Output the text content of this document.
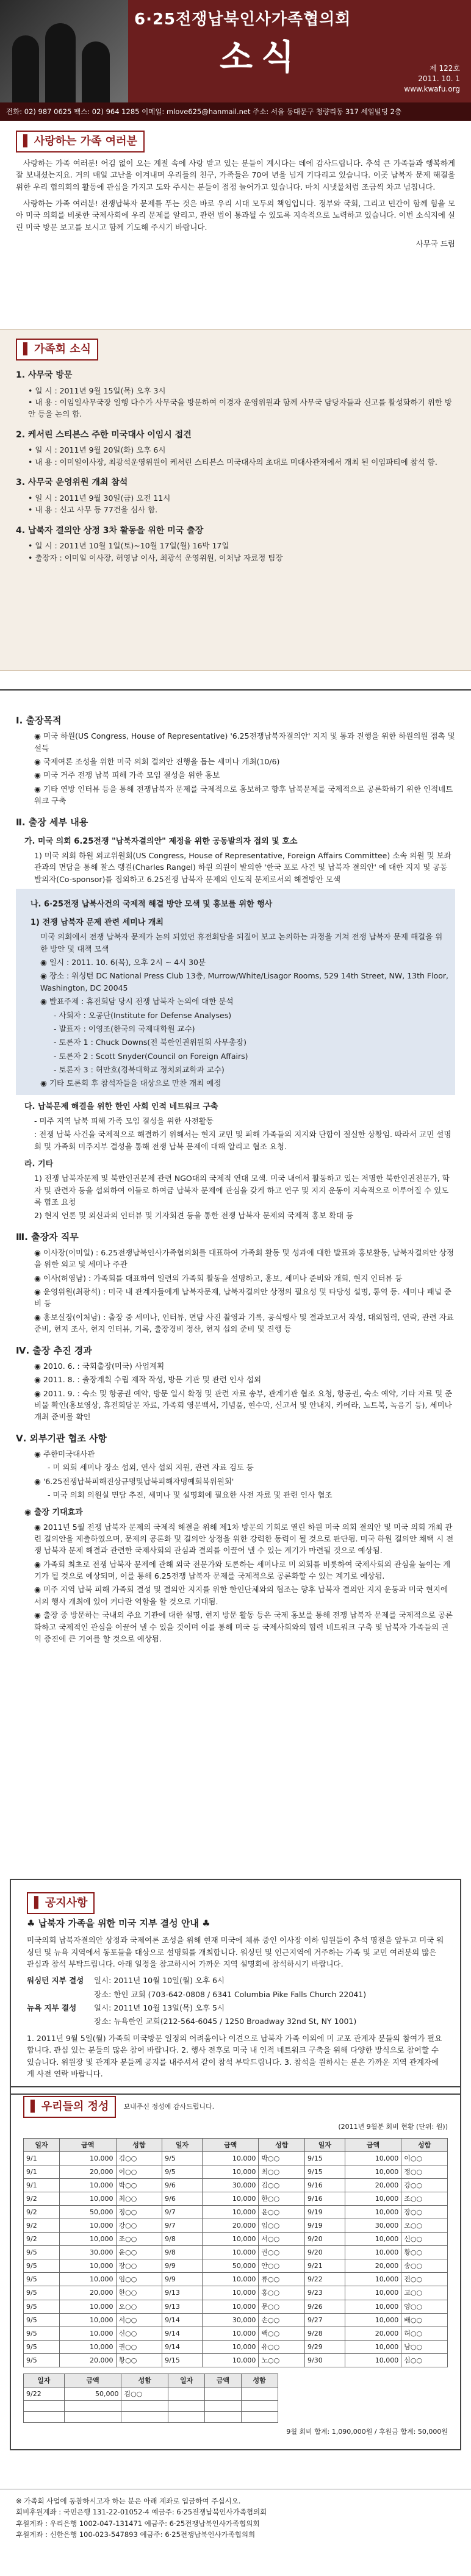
6·25전쟁납북인사가족협의회
소식	제 122호
2011. 10. 1
www.kwafu.org
전화: 02) 987 0625 팩스: 02) 964 1285 이메일: mlove625@hanmail.net 주소: 서울 동대문구 청량리동 317 세일빌딩 2층
▌ 사랑하는 가족 여러분

사랑하는 가족 여러분! 어김 없이 오는 계절 속에 사랑 받고 있는 분들이 계시다는 데에 감사드립니다. 추석 큰 가족들과 행복하게 잘 보내셨는지요. 거의 매일 고난을 이겨내며 우리들의 친구, 가족들은 70여 년을 넘게 기다리고 있습니다. 이곳 납북자 문제 해결을 위한 우리 협의회의 활동에 관심을 가지고 도와 주시는 분들이 점점 늘어가고 있습니다. 마치 시냇물처럼 조금씩 차고 넘칩니다.

사랑하는 가족 여러분! 전쟁납북자 문제를 푸는 것은 바로 우리 시대 모두의 책임입니다. 정부와 국회, 그리고 민간이 함께 힘을 모아 미국 의회를 비롯한 국제사회에 우리 문제를 알리고, 관련 법이 통과될 수 있도록 지속적으로 노력하고 있습니다. 이번 소식지에 실린 미국 방문 보고를 보시고 함께 기도해 주시기 바랍니다.

사무국 드림

▌ 가족회 소식
1. 사무국 방문

• 일 시 : 2011년 9월 15일(목) 오후 3시

• 내 용 : 이임일사무국장 일행 다수가 사무국을 방문하여 이경자 운영위원과 함께 사무국 담당자들과 신고를 활성화하기 위한 방안 등을 논의 함.

2. 케서린 스티븐스 주한 미국대사 이임시 접견

• 일 시 : 2011년 9월 20일(화) 오후 6시

• 내 용 : 이미일이사장, 최광석운영위원이 케서린 스티븐스 미국대사의 초대로 미대사관저에서 개최 된 이임파티에 참석 함.

3. 사무국 운영위원 개최 참석

• 일 시 : 2011년 9월 30일(금) 오전 11시

• 내 용 : 신고 사무 등 77건을 심사 함.

4. 납북자 결의안 상정 3차 활동을 위한 미국 출장

• 일 시 : 2011년 10월 1일(토)~10월 17일(월) 16박 17일

• 출장자 : 이미일 이사장, 허영남 이사, 최광석 운영위원, 이처남 자료정 팀장

Ⅰ. 출장목적

◉ 미국 하원(US Congress, House of Representative) '6.25전쟁납북자결의안' 지지 및 통과 진행을 위한 하원의원 접촉 및 설득

◉ 국제여론 조성을 위한 미국 의회 결의안 진행을 돕는 세미나 개최(10/6)

◉ 미국 거주 전쟁 납북 피해 가족 모임 결성을 위한 홍보

◉ 기타 연방 인터뷰 등을 통해 전쟁납북자 문제를 국제적으로 홍보하고 향후 납북문제를 국제적으로 공론화하기 위한 인적네트워크 구축

Ⅱ. 출장 세부 내용
가. 미국 의회 6.25전쟁 "납북자결의안" 제정을 위한 공동발의자 접외 및 호소

1) 미국 의회 하원 외교위원회(US Congress, House of Representative, Foreign Affairs Committee) 소속 의원 및 보좌관과의 면담을 통해 찰스 랭걸(Charles Rangel) 하원 의원이 발의한 '한국 포로 사건 및 납북자 결의안' 에 대한 지지 및 공동 발의자(Co-sponsor)를 접외하고 6.25전쟁 납북자 문제의 인도적 문제로서의 해결방안 모색

나. 6·25전쟁 납북사건의 국제적 해결 방안 모색 및 홍보를 위한 행사
1) 전쟁 납북자 문제 관련 세미나 개최

미국 의회에서 전쟁 납북자 문제가 논의 되었던 휴전회담을 되짚어 보고 논의하는 과정을 거쳐 전쟁 납북자 문제 해결을 위한 방안 및 대책 모색

◉ 일시 : 2011. 10. 6(목), 오후 2시 ~ 4시 30분

◉ 장소 : 워싱턴 DC National Press Club 13층, Murrow/White/Lisagor Rooms, 529 14th Street, NW, 13th Floor, Washington, DC 20045

◉ 발표주제 : 휴전회담 당시 전쟁 납북자 논의에 대한 분석

- 사회자 : 오공단(Institute for Defense Analyses)

- 발표자 : 이영조(한국의 국제대학원 교수)

- 토론자 1 : Chuck Downs(전 북한인권위원회 사무총장)

- 토론자 2 : Scott Snyder(Council on Foreign Affairs)

- 토론자 3 : 허만호(경북대학교 정치외교학과 교수)

◉ 기타 토론회 후 참석자들을 대상으로 만찬 개최 예정

다. 납북문제 해결을 위한 한인 사회 인적 네트워크 구축

- 미주 지역 납북 피해 가족 모임 결성을 위한 사전활동

: 전쟁 납북 사건을 국제적으로 해결하기 위해서는 현지 교민 및 피해 가족들의 지지와 단합이 절실한 상황임. 따라서 교민 설명회 및 가족회 미주지부 결성을 통해 전쟁 납북 문제에 대해 알리고 협조 요청.

라. 기타

1) 전쟁 납북자문제 및 북한인권문제 관련 NGO대의 국제적 연대 모색. 미국 내에서 활동하고 있는 저명한 북한인권전문가, 학자 및 관련자 등을 섭외하여 이들로 하여금 납북자 문제에 관심을 갖게 하고 연구 및 지지 운동이 지속적으로 이루어질 수 있도록 협조 요청

2) 현지 언론 및 외신과의 인터뷰 및 기자회견 등을 통한 전쟁 납북자 문제의 국제적 홍보 확대 등

Ⅲ. 출장자 직무

◉ 이사장(이미일) : 6.25전쟁납북인사가족협의회를 대표하여 가족회 활동 및 성과에 대한 발표와 홍보활동, 납북자결의안 상정을 위한 외교 및 세미나 주관

◉ 이사(허영남) : 가족회를 대표하여 일련의 가족회 활동을 설명하고, 홍보, 세미나 준비와 개회, 현지 인터뷰 등

◉ 운영위원(최광석) : 미국 내 관계자들에게 납북자문제, 납북자결의안 상정의 필요성 및 타당성 설명, 통역 등. 세미나 패널 준비 등

◉ 홍보실장(이처남) : 출장 중 세미나, 인터뷰, 면담 사진 촬영과 기록, 공식행사 및 결과보고서 작성, 대외협력, 연락, 관련 자료 준비, 현지 조사, 현지 인터뷰, 기록, 출장경비 정산, 현지 섭외 준비 및 진행 등

Ⅳ. 출장 추진 경과

◉ 2010. 6. : 국회출장(미국) 사업계획

◉ 2011. 8. : 출장계획 수립 제작 작성, 방문 기관 및 관련 인사 섭외

◉ 2011. 9. : 숙소 및 항공권 예약, 방문 일시 확정 및 관련 자료 송부, 관계기관 협조 요청, 항공권, 숙소 예약, 기타 자료 및 준비물 확인(홍보영상, 휴전회담문 자료, 가족회 영문백서, 기념품, 현수막, 신고서 및 안내지, 카메라, 노트북, 녹음기 등), 세미나 개최 준비물 확인

Ⅴ. 외부기관 협조 사항

◉ 주한미국대사관

- 미 의회 세미나 장소 섭외, 연사 섭외 지원, 관련 자료 검토 등

◉ '6.25전쟁납북피해진상규명및납북피해자명예회복위원회'

- 미국 의회 의원실 면담 추진, 세미나 및 설명회에 필요한 사전 자료 및 관련 인사 협조

◉ 출장 기대효과

◉ 2011년 5월 전쟁 납북자 문제의 국제적 해결을 위해 제1차 방문의 기회로 열린 하원 미국 의회 결의안 및 미국 의회 개최 관련 결의안을 제출하였으며, 문제의 공론화 및 결의안 상정을 위한 강력한 동력이 될 것으로 판단됨. 미국 하원 결의안 채택 시 전쟁 납북자 문제 해결과 관련한 국제사회의 관심과 결의를 이끌어 낼 수 있는 계기가 마련될 것으로 예상됨.

◉ 가족회 최초로 전쟁 납북자 문제에 관해 외국 전문가와 토론하는 세미나로 미 의회를 비롯하여 국제사회의 관심을 높이는 계기가 될 것으로 예상되며, 이를 통해 6.25전쟁 납북자 문제를 국제적으로 공론화할 수 있는 계기로 예상됨.

◉ 미주 지역 납북 피해 가족회 결성 및 결의안 지지를 위한 한인단체와의 협조는 향후 납북자 결의안 지지 운동과 미국 현지에서의 행사 개최에 있어 커다란 역할을 할 것으로 기대됨.

◉ 출장 중 방문하는 국내외 주요 기관에 대한 설명, 현지 방문 활동 등은 국제 홍보를 통해 전쟁 납북자 문제를 국제적으로 공론화하고 국제적인 관심을 이끌어 낼 수 있을 것이며 이를 통해 미국 등 국제사회와의 협력 네트워크 구축 및 납북자 가족들의 권익 증진에 큰 기여를 할 것으로 예상됨.

▌ 공지사항
♣ 납북자 가족을 위한 미국 지부 결성 안내 ♣

미국의회 납북자결의안 상정과 국제여론 조성을 위해 현재 미국에 체류 중인 이사장 이하 임원들이 추석 명절을 앞두고 미국 워싱턴 및 뉴욕 지역에서 동포들을 대상으로 설명회를 개최합니다. 워싱턴 및 인근지역에 거주하는 가족 및 교민 여러분의 많은 관심과 참석 부탁드립니다. 아래 일정을 참고하시어 가까운 지역 설명회에 참석하시기 바랍니다.

워싱턴 지부 결성	일시: 2011년 10월 10일(월) 오후 6시
장소: 한인 교회 (703-642-0808 / 6341 Columbia Pike Falls Church 22041)
뉴욕 지부 결성	일시: 2011년 10월 13일(목) 오후 5시
장소: 뉴욕한인 교회(212-564-6045 / 1250 Broadway 32nd St, NY 1001)

1. 2011년 9월 5일(월) 가족회 미국방문 일정의 어려움이나 이견으로 납북자 가족 이외에 미 교포 관계자 분들의 참여가 필요 합니다. 관심 있는 분들의 많은 참여 바랍니다. 2. 행사 전후로 미국 내 인적 네트워크 구축을 위해 다양한 방식으로 참여할 수 있습니다. 위원장 및 관계자 분들께 공지를 내주셔서 같이 참석 부탁드립니다. 3. 참석을 원하시는 분은 가까운 지역 관계자에게 사전 연락 바랍니다.

▌ 우리들의 정성	보내주신 정성에 감사드립니다.
(2011년 9월분 회비 현황 (단위: 원))
일자	금액	성함	일자	금액	성함	일자	금액	성함
9/1	10,000	김○○	9/5	10,000	박○○	9/15	10,000	이○○
9/1	20,000	이○○	9/5	10,000	최○○	9/15	10,000	정○○
9/1	10,000	박○○	9/6	30,000	김○○	9/16	20,000	강○○
9/2	10,000	최○○	9/6	10,000	한○○	9/16	10,000	조○○
9/2	50,000	정○○	9/7	10,000	윤○○	9/19	10,000	장○○
9/2	10,000	강○○	9/7	20,000	임○○	9/19	30,000	오○○
9/2	10,000	조○○	9/8	10,000	서○○	9/20	10,000	신○○
9/5	30,000	윤○○	9/8	10,000	권○○	9/20	10,000	황○○
9/5	10,000	장○○	9/9	50,000	안○○	9/21	20,000	송○○
9/5	10,000	임○○	9/9	10,000	류○○	9/22	10,000	전○○
9/5	20,000	한○○	9/13	10,000	홍○○	9/23	10,000	고○○
9/5	10,000	오○○	9/13	10,000	문○○	9/26	10,000	양○○
9/5	10,000	서○○	9/14	30,000	손○○	9/27	10,000	배○○
9/5	10,000	신○○	9/14	10,000	백○○	9/28	20,000	허○○
9/5	10,000	권○○	9/14	10,000	유○○	9/29	10,000	남○○
9/5	20,000	황○○	9/15	10,000	노○○	9/30	10,000	심○○
일자	금액	성함	일자	금액	성함
9/22	50,000	김○○			

9월 회비 합계: 1,090,000원 / 후원금 합계: 50,000원
※ 가족회 사업에 동참하시고자 하는 분은 아래 계좌로 입금하여 주십시오.
회비후원계좌 : 국민은행 131-22-01052-4 예금주: 6·25전쟁납북인사가족협의회
후원계좌 : 우리은행 1002-047-131471 예금주: 6·25전쟁납북인사가족협의회
후원계좌 : 신한은행 100-023-547893 예금주: 6·25전쟁납북인사가족협의회
